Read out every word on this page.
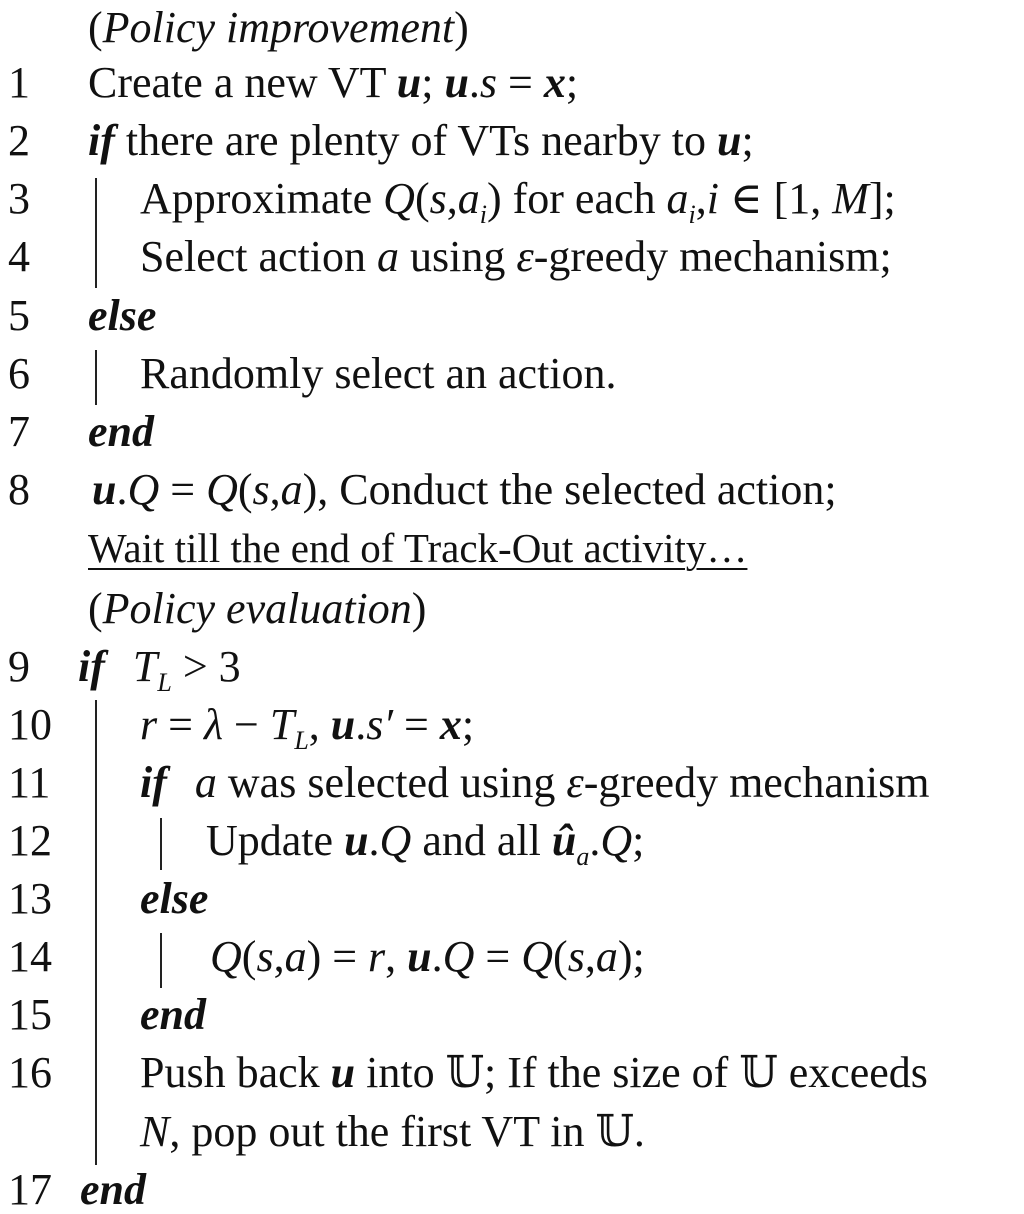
1
2
3
4
5
6
7
8
9
10
11
12
13
14
15
16
17
(Policy improvement)
Create a new VT u; u.s = x;
if there are plenty of VTs nearby to u;
Approximate $Q(s,a_i)$ for each $a_i,i$ ∈ [1, M];
Select action a using ε-greedy mechanism;
else
Randomly select an action.
end
u.Q = Q(s,a), Conduct the selected action;
Wait till the end of Track-Out activity…
(Policy evaluation)
if $T_L > 3$
$r = \lambda - T_L$, u.s′ = x;
if a was selected using ε-greedy mechanism
Update u.Q and all $û_a.Q$;
else
Q(s,a) = r, u.Q = Q(s,a);
end
Push back u into 𝕌; If the size of 𝕌 exceeds
N, pop out the first VT in 𝕌.
end
